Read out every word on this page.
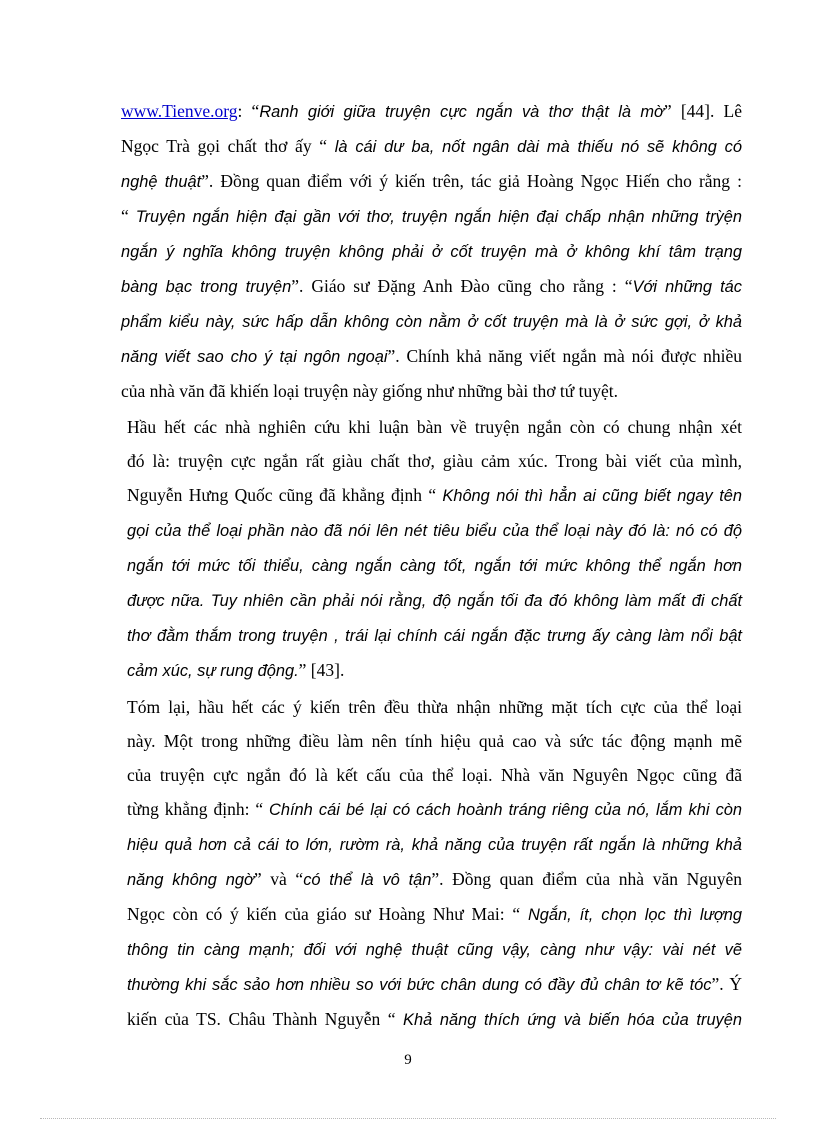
www.Tienve.org: “Ranh giới giữa truyện cực ngắn và thơ thật là mờ” [44]. Lê
Ngọc Trà gọi chất thơ ấy “ là cái dư ba, nốt ngân dài mà thiếu nó sẽ không có
nghệ thuật”. Đồng quan điểm với ý kiến trên, tác giả Hoàng Ngọc Hiến cho rằng :
“ Truyện ngắn hiện đại gần với thơ, truyện ngắn hiện đại chấp nhận những trỳện
ngắn ý nghĩa không truyện không phải ở cốt truyện mà ở không khí tâm trạng
bàng bạc trong truyện”. Giáo sư Đặng Anh Đào cũng cho rằng : “Với những tác
phẩm kiểu này, sức hấp dẫn không còn nằm ở cốt truyện mà là ở sức gợi, ở khả
năng viết sao cho ý tại ngôn ngoại”. Chính khả năng viết ngắn mà nói được nhiều
của nhà văn đã khiến loại truyện này giống như những bài thơ tứ tuyệt.

Hầu hết các nhà nghiên cứu khi luận bàn về truyện ngắn còn có chung nhận xét
đó là: truyện cực ngắn rất giàu chất thơ, giàu cảm xúc. Trong bài viết của mình,
Nguyễn Hưng Quốc cũng đã khẳng định “ Không nói thì hẳn ai cũng biết ngay tên
gọi của thể loại phần nào đã nói lên nét tiêu biểu của thể loại này đó là: nó có độ
ngắn tới mức tối thiểu, càng ngắn càng tốt, ngắn tới mức không thể ngắn hơn
được nữa. Tuy nhiên cần phải nói rằng, độ ngắn tối đa đó không làm mất đi chất
thơ đằm thắm trong truyện , trái lại chính cái ngắn đặc trưng ấy càng làm nổi bật
cảm xúc, sự rung động.” [43].

Tóm lại, hầu hết các ý kiến trên đều thừa nhận những mặt tích cực của thể loại
này. Một trong những điều làm nên tính hiệu quả cao và sức tác động mạnh mẽ
của truyện cực ngắn đó là kết cấu của thể loại. Nhà văn Nguyên Ngọc cũng đã
từng khẳng định: “ Chính cái bé lại có cách hoành tráng riêng của nó, lắm khi còn
hiệu quả hơn cả cái to lớn, rườm rà, khả năng của truyện rất ngắn là những khả
năng không ngờ” và “có thể là vô tận”. Đồng quan điểm của nhà văn Nguyên
Ngọc còn có ý kiến của giáo sư Hoàng Như Mai: “ Ngắn, ít, chọn lọc thì lượng
thông tin càng mạnh; đối với nghệ thuật cũng vậy, càng như vậy: vài nét vẽ
thường khi sắc sảo hơn nhiều so với bức chân dung có đầy đủ chân tơ kẽ tóc”. Ý
kiến của TS. Châu Thành Nguyễn “ Khả năng thích ứng và biến hóa của truyện

9
